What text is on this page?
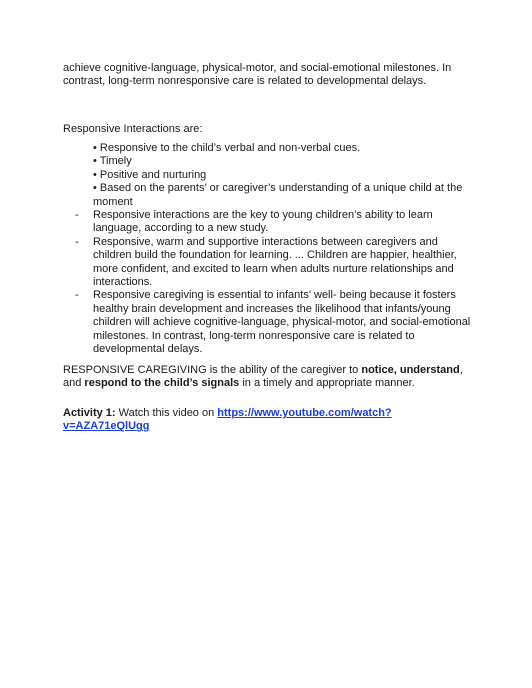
achieve cognitive-language, physical-motor, and social-emotional milestones. In

contrast, long-term nonresponsive care is related to developmental delays.

Responsive Interactions are:

• Responsive to the child’s verbal and non-verbal cues.

• Timely

• Positive and nurturing

• Based on the parents’ or caregiver’s understanding of a unique child at the moment

-	Responsive interactions are the key to young children’s ability to learn language, according to a new study.
-	Responsive, warm and supportive interactions between caregivers and children build the foundation for learning. ... Children are happier, healthier, more confident, and excited to learn when adults nurture relationships and interactions.
-	Responsive caregiving is essential to infants' well- being because it fosters healthy brain development and increases the likelihood that infants/young children will achieve cognitive-language, physical-motor, and social-emotional milestones. In contrast, long-term nonresponsive care is related to developmental delays.
RESPONSIVE CAREGIVING is the ability of the caregiver to notice, understand, and respond to the child’s signals in a timely and appropriate manner.
Activity 1: Watch this video on https://www.youtube.com/watch?v=AZA71eQlUgg
